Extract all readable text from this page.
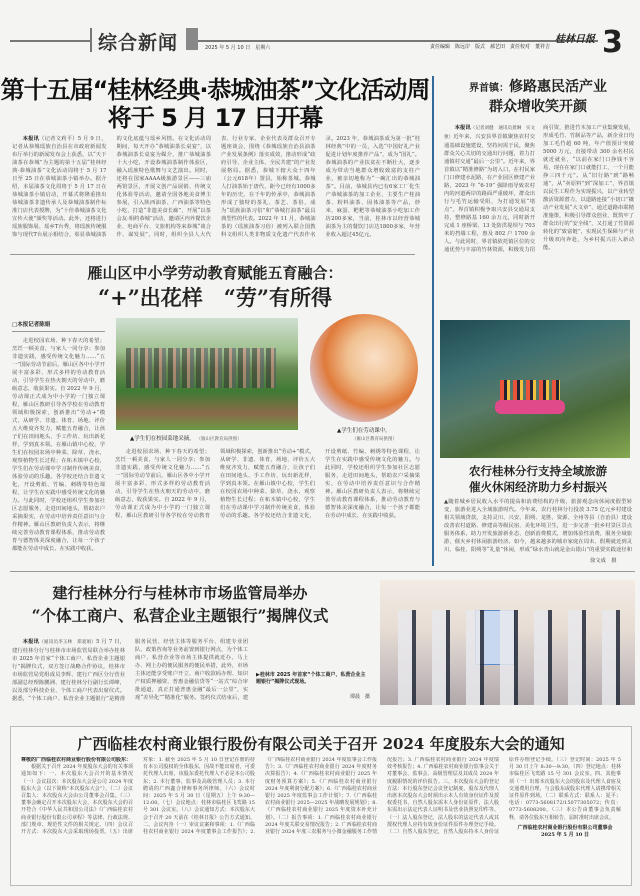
综合新闻	2025 年 5 月 10 日　星期六
桂林日报
责任编辑　陈远岸　版式　郝艺田　责任校对　董祥吉 3
第十五届“桂林经典·恭城油茶”文化活动周
将于 5 月 17 日开幕

本报讯（记者文莉平）5 月 9 日，记者从恭城瑶族自治县在市政府新闻发布厅举行的新闻发布会上获悉，以“天下油茶在恭城”为主题的第十五届“桂林经典·恭城油茶”文化活动周将于 5 月 17 日至 25 日在恭城油茶小镇举办。据介绍，本届油茶文化周将于 5 月 17 日在恭城油茶小镇启动，开幕式将隆重推出恭城油茶非遗传承人及恭城油茶制作标准门店代表授牌，为“十佳恭城油茶文化宣传大使”颁奖等活动。此外，还将进行瑶族服饰展、瑶乡T台秀，将瑶族传统服饰与现代T台展示相结合，彰显恭城油茶的文化底蕴与瑶乡风情。在文化活动周期间，每天开办“恭城油茶长桌宴”，以恭城油茶长桌宴为媒介，推广恭城油茶十大小吃，开设恭城油茶制作体验区，融入瑶族特色歌舞与文艺演出。同时，还将在国家AAAA级旅游景区——三庙两馆景区，开展文创产品展销、传统文化体验等活动，邀请全国各地美食博主参展，引入陕西油茶、广西油茶等特色小吃，打造“非遗美食长廊”，开展“以茶会友·相约恭城”活动，邀请区内外餐饮企业、电商平台、文旅机构等来恭城“谈合作、谋发展”，同时，组织全县人大代表、行业专家、企业代表及群众召开专题座谈会，围绕《恭城瑶族自治县油茶产业发展条例》落实成效，推动形成“政府引导、企业主体、全民共建”的产业发展格局。据悉，恭城下辖大众十四年（公元618年）置县，始称茶城。恭城人打油茶始于唐代，距今已经有1000多年的历史，在千年的传承中，恭城油茶形成了独特的茶礼、茶艺、茶俗，成为“瑶族油茶习俗”和“恭城打油茶”最具典型性的代表。2022 年 11 月，恭城油茶的（瑶族油茶习俗）被列入联合国教科文组织人类非物质文化遗产代表作名录。2023 年，恭城油茶成为第一批“桂林经典”中的一员，入选“中国好礼产业促进计划年度推荐产品”，成为“国礼”。恭城油茶的产业扶贫在不断壮大，逐步成为带动当地群众增收致富的支柱产业，被亲切地称为“一碗汇出的恭城油茶”。目前，恭城县内已有6家工厂化生产恭城油茶的加工企业，主要生产桂油茶、粉料油茶、固体油茶等产品，炒米、麻蛋、粑粑等恭城油茶小吃加工作坊200多家，当前，桂林市以经营恭城油茶为主的餐饮门店达1800多家，年营业收入超过45亿元。

雁山区中小学劳动教育赋能五育融合：
“+”出花样　“劳”有所得
□本报记者陈娟
▲学生们在校园菜地采摘。 （雁山区教育局供图）
▲学生们在劳动课中。
（雁山区教育局供图）

走进校园农场、种下春天的希望；烹饪一顿美食，与家人一同分享；参加非遗实践，感受传统文化魅力……“五一”国际劳动节前后，雁山区各中小学开展丰富多彩、形式多样的劳动教育活动，引导学生在热火朝天的劳动中，磨砺意志，收获果实。自 2022 年 9 月，劳动课正式成为中小学的一门独立课程，雁山区教研引导各学校在劳动教育领域积极探索，创新推出“劳动+”模式，从研学、非遗、体育、场地、评价五大维度齐发力，赋能五育融合，让孩子们在田间地头、手工作坊、玩出新花样，学到真本领。在雁山镇中心校，学生们在校园农场中种菜、除草、浇水，观察植物生长过程；在柘木镇中心校，学生们在劳动课中学习制作传统美食，体验劳动的乐趣。各学校还结合非遗文化，开设剪纸、竹编、刺绣等特色课程，让学生在实践中感受传统文化的魅力。与此同时，学校还组织学生参加社区志愿服务，走进田间地头，帮助农户采摘果实，在劳动中培养责任意识与合作精神。雁山区教研负责人表示，将继续完善劳动教育课程体系，推动劳动教育与德智体美深度融合，让每一个孩子都能在劳动中成长、在实践中收获。

走进校园农场、种下春天的希望；烹饪一顿美食，与家人一同分享；参加非遗实践，感受传统文化魅力……“五一”国际劳动节前后，雁山区各中小学开展丰富多彩、形式多样的劳动教育活动，引导学生在热火朝天的劳动中，磨砺意志，收获果实。自 2022 年 9 月，劳动课正式成为中小学的一门独立课程，雁山区教研引导各学校在劳动教育领域积极探索，创新推出“劳动+”模式，从研学、非遗、体育、场地、评价五大维度齐发力，赋能五育融合，让孩子们在田间地头、手工作坊、玩出新花样，学到真本领。在雁山镇中心校，学生们在校园农场中种菜、除草、浇水，观察植物生长过程；在柘木镇中心校，学生们在劳动课中学习制作传统美食，体验劳动的乐趣。各学校还结合非遗文化，开设剪纸、竹编、刺绣等特色课程，让学生在实践中感受传统文化的魅力。与此同时，学校还组织学生参加社区志愿服务，走进田间地头，帮助农户采摘果实，在劳动中培养责任意识与合作精神。雁山区教研负责人表示，将继续完善劳动教育课程体系，推动劳动教育与德智体美深度融合，让每一个孩子都能在劳动中成长、在实践中收获。

界首镇：修路惠民活产业
群众增收笑开颜

本报讯（记者刘健　通讯员龚琳　实文強）近年来，兴安县界首镇聚焦农村交通基础设施建设，坚持问需于民，聚焦群众关心关切的交通出行问题，着力打通镇村交通“最后一公里”。近年来，界首镇以“精准修路”为切入口，在村民家门口修建水泥路，在产业园区修建产业路，2023 年 “6·19” 强降雨导致农村内的河道两岸的路面严重破坏，群众出行与毛竹运输受阻，为打通发展“堵点”，界首镇积极争取兴安县交通局支持，整修路基 160 余万元，同时新开完成 1 座桥梁、13 处防洪堤坝与 703 米的挡墙工程，惠及 802 户 1700 余人。与此同时，界首镇依托镇区位的交通优势与丰富的竹林资源，积极发力招商引资，推进竹木加工产业集聚发展，形成毛竹、竹制品等产品，新企业日均加工毛竹超 60 吨，年产值预计突破 5000 万元，直接带动 300 余名村民就近就业，“以前在家门口挣钱不容易，现在在家门口就能打工，一个月能挣三四千元”。从“旧行路”到“路畅通”，从“卖原料”到“深加工”，界首镇以民生工程作为实现振兴，以产业转型激活资源潜力，以道路连接“小切口”撬动产业发展“大文章”，通过道路串联精准施策，积极引导群众创业，既筑牢了群众出行的“安全线”，又打通了竹资源转化的“致富链”，实现民生保障与产业升级双向奔赴，为乡村振兴注入新动能。

农行桂林分行支持全域旅游
催火休闲经济助力乡村振兴
▲随着城乡居民收入水平的提高和消费结构的升级，旅游观念向休闲度假型转变，旅游业进入全域旅游时代。今年来，农行桂林分行投放 3.75 亿元乡村建设相关领域贷款，支持灵川、兴安、阳朔、龙胜、资源、全州等县（自治县）建设改善农村道路、修建高等级民宿、美化环境卫生，进一步完善一批乡村景区景点服务体系，助力开发旅游新业态，创新消费模式，增加体验性消费，服务全域旅游，催火乡村休闲旅游经济。如今，越来越多的城市家庭在周末、假期就近到灵川、临桂、阳朔等“礼量”休闲，形成“绿水青山就是金山银山”的重要实践途径和
徐文成　摄
建行桂林分行与桂林市市场监管局举办
“个体工商户、私营企业主题银行”揭牌仪式

本报讯（通讯员李玉林　郑爱娟）5 月 7 日，建行桂林分行与桂林市市场监管局联合举办桂林市 2025 年首家“个体工商户、私营企业主题银行”揭牌仪式，双方签订战略合作协议，桂林市市场监管局党组成员李辉、建行广西区分行营业部副总经理陈鹏洲、建行桂林分行副行长谭峰，以及部分科技企业、个体工商户代表出席仪式。据悉，“个体工商户、私营企业主题银行”是精准服务民营、经营主体等服务平台、组建专业团队、政策咨询等业务前置到银行网点，为个体工商户、私营企业等市场主体提供就近办、马上办、网上办的便民服务的便民举措，此外，市场主体还能享受账户开立、商户收款码办理、知识产权质押融资、普惠金融信贷等“一站式”综合审批通道，真正打通普惠金融“最后一公里”，实现“差异化”“精准化”服务。签约仪式结束后，建

▶桂林市 2025 年首家“个体工商户、私营企业主题银行”揭牌仪式现场。
谭晨　摄
广西临桂农村商业银行股份有限公司关于召开 2024 年度股东大会的通知
尊敬的广西临桂农村商业银行股份有限公司股东：

根据关于召开 2024 年度股东大会的有关事项通知如下：一、本次股东大会召开的基本情况（一）会议届次：本次股东大会是公司 2024 年度股东大会（以下简称“本次股东大会”）。（二）会议召集人：本次股东大会由公司董事会召集。（三）董事会确定召开本次股东大会，本次股东大会的召开符合《中华人民共和国公司法》《广西临桂农村商业银行股份有限公司章程》等法律、行政法规、部门规章、规范性文件的相关规定。（四）会议召开方式：本次股东大会采取现场投票。（五）出席对象：1. 截至 2025 年 5 月 10 日登记在册的持有本公司股权的全体股东，因故不能出席者，可委托代理人出席，该股东委托代理人不必是本公司股东；2. 本行董事、监事及高级管理人员；3. 本行聘请的广西鑫合律师事务所律师。（六）会议时间：2025 年 5 月 30 日（星期五）上午 9:30—12:00。（七）会议地点：桂林市临桂区飞鸾路 15 号 301 会议室。（八）会议通知方式：本次股东大会于召开 20 天前在《桂林日报》公告方式通知。二、会议内容（一）审议议案和事项：1.《广西临桂农村商业银行 2024 年度董事会工作报告》；2.《广西临桂农村商业银行 2024 年度监事会工作报告》；3.《广西临桂农村商业银行 2024 年度财务决算报告》；4.《广西临桂农村商业银行 2025 年度财务预算方案》；5.《广西临桂农村商业银行 2024 年度利润分配方案》；6.《广西临桂农村商业银行 2025 年度监事会工作计划》；7.《广西临桂农村商业银行 2025—2025 年战略发展规划》；8.《广西临桂农村商业银行 2025 年度资本补充计划》。（二）报告事项：1. 广西临桂农村商业银行 2024 年度关联交易情况报告；2. 广西临桂农村商业银行 2024 年度三农服务与小微金融服务工作情况报告；3. 广西临桂农村商业银行 2024 年度绩效考核报告；4. 广西临桂农村商业银行监事会关于对董事会、监事会、高级管理层及其成员 2024 年度履职情况的评价报告。三、本次股东大会的登记方法：本行股东登记会议登记制度，股东及代理人出席本次股东大会时须出示本人有效身份证件及授权委托书，自然人股东需本人身份证原件，法人股东需出示法定代表人证明书及营业执照复印件等。（一）法人股东登记，法人股东的法定代表人或其授权代理人应持有效身份证件原件办理登记手续。（二）自然人股东登记，自然人股东持本人身份证原件办理登记手续。（三）登记时间：2025 年 5 月 30 日上午 8:30—9:30。（四）登记地点：桂林市临桂区飞鸾路 15 号 301 会议室。四、其他事项（一）出席本次股东大会的股东及代理人食宿及交通费用自理，与会股东或股东代理人请携带相关证件原件到场。（二）联系方式：联系人：夏平；电话：0773-5608172/15077305072；传真：0773-5608200。（三）本公告由董事会负责解释，请各位股东互相转告，届时准时出席会议。

广西临桂农村商业银行股份有限公司董事会
2025 年 5 月 10 日
